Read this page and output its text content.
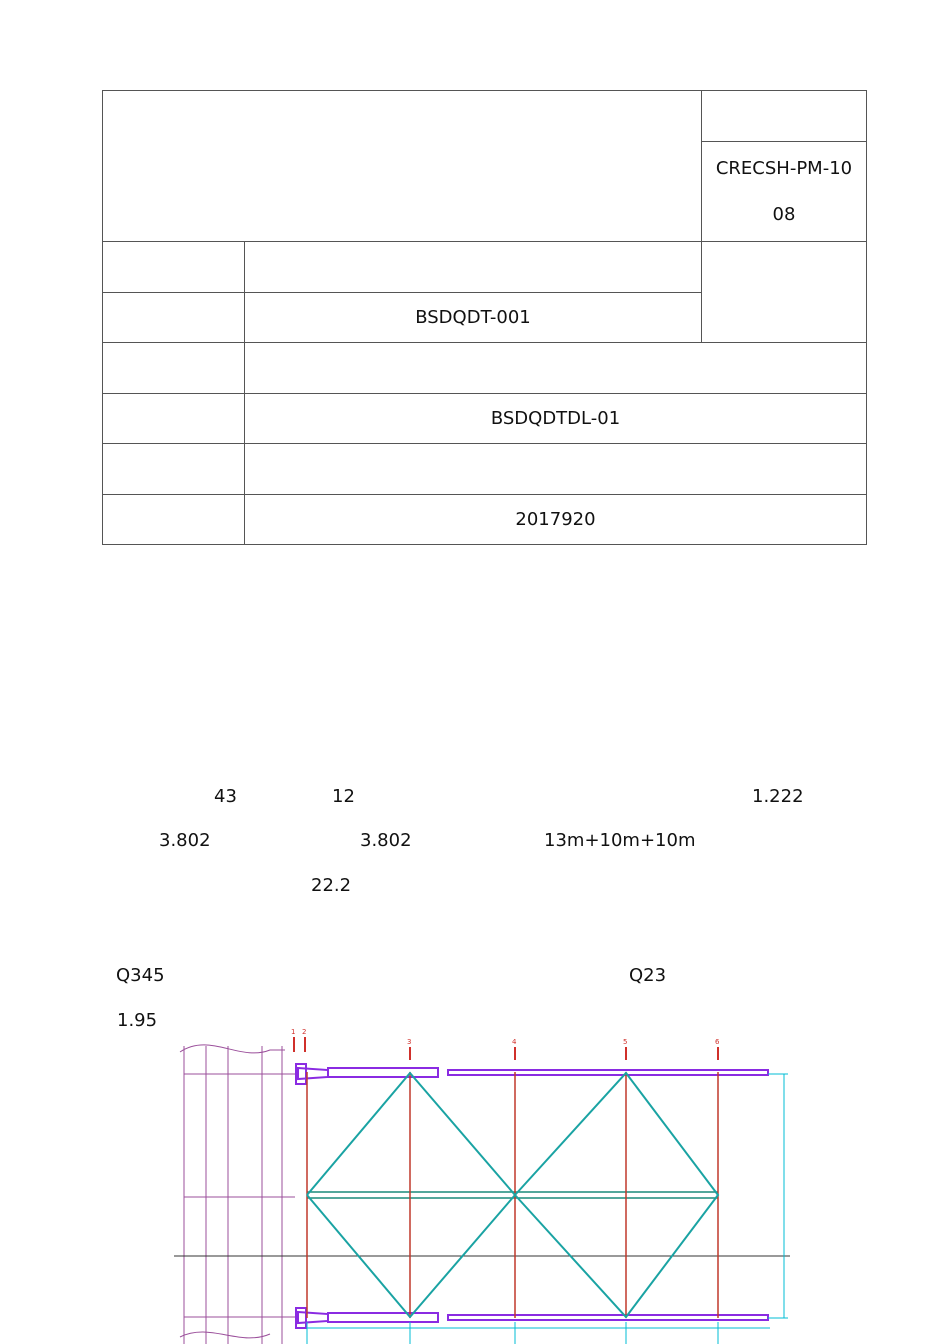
		CRECSH-PM-10
08

	BSDQDT-001	

	BSDQDTDL-01	

	2017920	
43	12	1.222
3.802	3.802	13m+10m+10m
22.2
Q345	Q23
1.95
1 2
3	4	5	6
